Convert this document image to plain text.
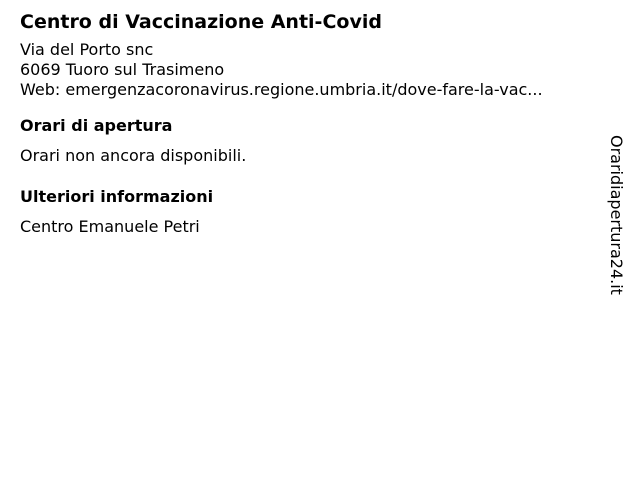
Centro di Vaccinazione Anti-Covid
Via del Porto snc
6069 Tuoro sul Trasimeno
Web: emergenzacoronavirus.regione.umbria.it/dove-fare-la-vac...
Orari di apertura
Orari non ancora disponibili.
Ulteriori informazioni
Centro Emanuele Petri	Oraridiapertura24.it
